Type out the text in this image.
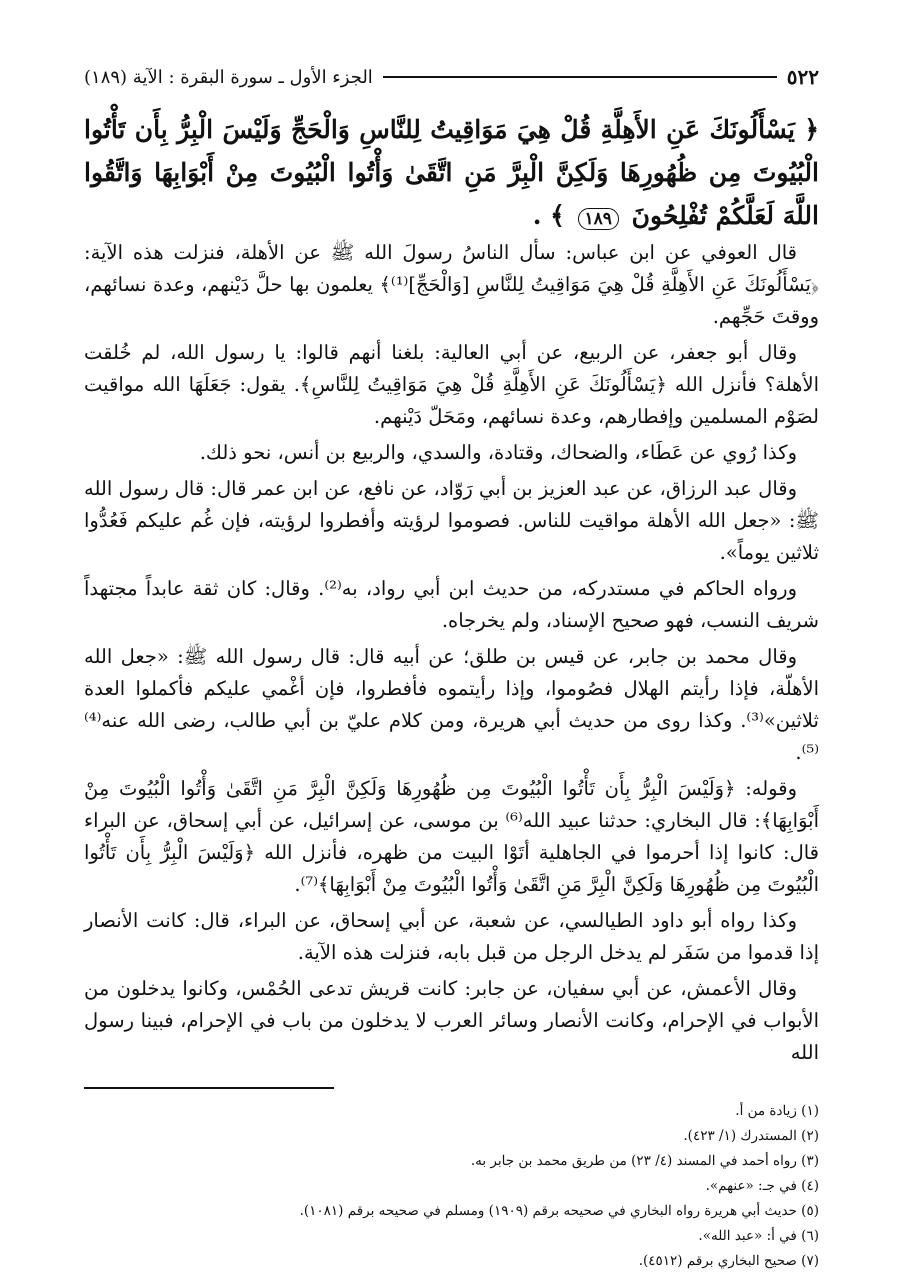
٥٢٢
الجزء الأول ـ سورة البقرة : الآية (١٨٩)
﴿ يَسْأَلُونَكَ عَنِ الأَهِلَّةِ قُلْ هِيَ مَوَاقِيتُ لِلنَّاسِ وَالْحَجِّ وَلَيْسَ الْبِرُّ بِأَن تَأْتُوا الْبُيُوتَ مِن ظُهُورِهَا وَلَكِنَّ الْبِرَّ مَنِ اتَّقَىٰ وَأْتُوا الْبُيُوتَ مِنْ أَبْوَابِهَا وَاتَّقُوا اللَّهَ لَعَلَّكُمْ تُفْلِحُونَ ١٨٩ ﴾ .

قال العوفي عن ابن عباس: سأل الناسُ رسولَ الله ﷺ عن الأهلة، فنزلت هذه الآية: ﴿يَسْأَلُونَكَ عَنِ الأَهِلَّةِ قُلْ هِيَ مَوَاقِيتُ لِلنَّاسِ [وَالْحَجِّ]⁽¹⁾﴾ يعلمون بها حلَّ دَيْنهم، وعدة نسائهم، ووقتَ حَجِّهم.

وقال أبو جعفر، عن الربيع، عن أبي العالية: بلغنا أنهم قالوا: يا رسول الله، لم خُلقت الأهلة؟ فأنزل الله ﴿يَسْأَلُونَكَ عَنِ الأَهِلَّةِ قُلْ هِيَ مَوَاقِيتُ لِلنَّاسِ﴾. يقول: جَعَلَهَا الله مواقيت لصَوْم المسلمين وإفطارهم، وعدة نسائهم، ومَحَلّ دَيْنهم.

وكذا رُوي عن عَطَاء، والضحاك، وقتادة، والسدي، والربيع بن أنس، نحو ذلك.

وقال عبد الرزاق، عن عبد العزيز بن أبي رَوّاد، عن نافع، عن ابن عمر قال: قال رسول الله ﷺ: «جعل الله الأهلة مواقيت للناس. فصوموا لرؤيته وأفطروا لرؤيته، فإن غُم عليكم فَعُدُّوا ثلاثين يوماً».

ورواه الحاكم في مستدركه، من حديث ابن أبي رواد، به⁽²⁾. وقال: كان ثقة عابداً مجتهداً شريف النسب، فهو صحيح الإسناد، ولم يخرجاه.

وقال محمد بن جابر، عن قيس بن طلق؛ عن أبيه قال: قال رسول الله ﷺ: «جعل الله الأهلّة، فإذا رأيتم الهلال فصُوموا، وإذا رأيتموه فأفطروا، فإن أغْمي عليكم فأكملوا العدة ثلاثين»⁽³⁾. وكذا روى من حديث أبي هريرة، ومن كلام عليّ بن أبي طالب، رضى الله عنه⁽⁴⁾ ⁽⁵⁾.

وقوله: ﴿وَلَيْسَ الْبِرُّ بِأَن تَأْتُوا الْبُيُوتَ مِن ظُهُورِهَا وَلَكِنَّ الْبِرَّ مَنِ اتَّقَىٰ وَأْتُوا الْبُيُوتَ مِنْ أَبْوَابِهَا﴾: قال البخاري: حدثنا عبيد الله⁽⁶⁾ بن موسى، عن إسرائيل، عن أبي إسحاق، عن البراء قال: كانوا إذا أحرموا في الجاهلية أتَوْا البيت من ظهره، فأنزل الله ﴿وَلَيْسَ الْبِرُّ بِأَن تَأْتُوا الْبُيُوتَ مِن ظُهُورِهَا وَلَكِنَّ الْبِرَّ مَنِ اتَّقَىٰ وَأْتُوا الْبُيُوتَ مِنْ أَبْوَابِهَا﴾⁽⁷⁾.

وكذا رواه أبو داود الطيالسي، عن شعبة، عن أبي إسحاق، عن البراء، قال: كانت الأنصار إذا قدموا من سَفَر لم يدخل الرجل من قبل بابه، فنزلت هذه الآية.

وقال الأعمش، عن أبي سفيان، عن جابر: كانت قريش تدعى الحُمْس، وكانوا يدخلون من الأبواب في الإحرام، وكانت الأنصار وسائر العرب لا يدخلون من باب في الإحرام، فبينا رسول الله

(١) زيادة من أ.
(٢) المستدرك (١/ ٤٢٣).
(٣) رواه أحمد في المسند (٤/ ٢٣) من طريق محمد بن جابر به.
(٤) في جـ: «عنهم».
(٥) حديث أبي هريرة رواه البخاري في صحيحه برقم (١٩٠٩) ومسلم في صحيحه برقم (١٠٨١).
(٦) في أ: «عبد الله».
(٧) صحيح البخاري برقم (٤٥١٢).
